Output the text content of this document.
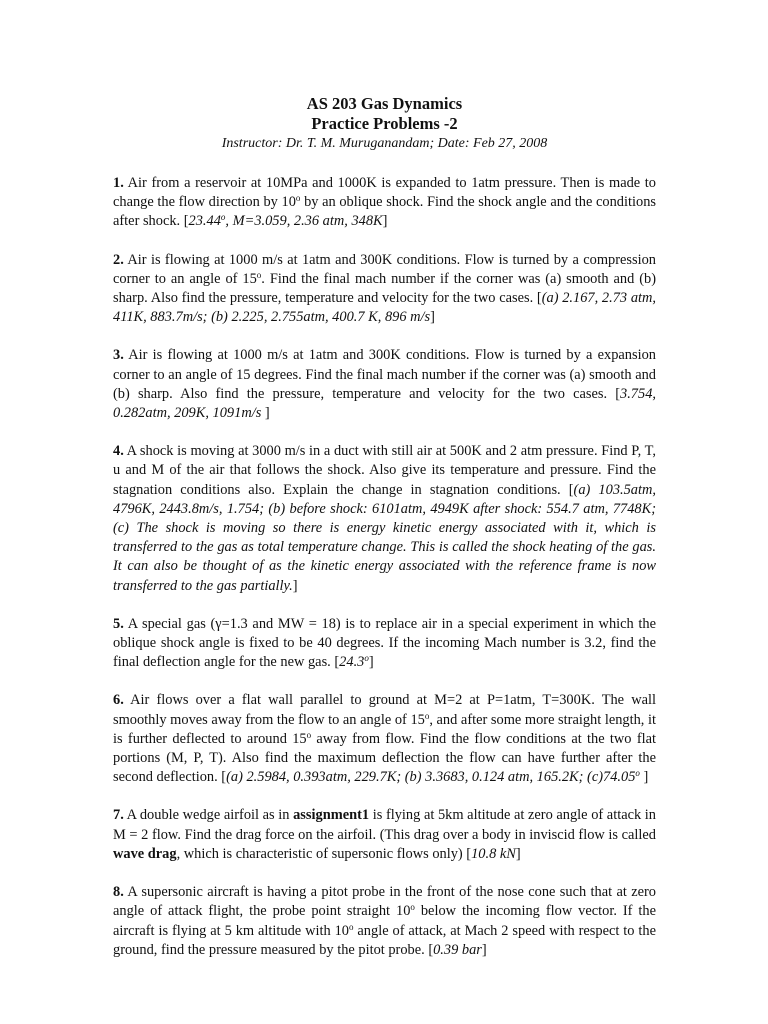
AS 203 Gas Dynamics
Practice Problems -2
Instructor: Dr. T. M. Muruganandam; Date: Feb 27, 2008

1. Air from a reservoir at 10MPa and 1000K is expanded to 1atm pressure. Then is made to change the flow direction by 10$^o$ by an oblique shock. Find the shock angle and the conditions after shock. [23.44$^o$, M=3.059, 2.36 atm, 348K]

2. Air is flowing at 1000 m/s at 1atm and 300K conditions. Flow is turned by a compression corner to an angle of 15$^o$. Find the final mach number if the corner was (a) smooth and (b) sharp. Also find the pressure, temperature and velocity for the two cases. [(a) 2.167, 2.73 atm, 411K, 883.7m/s; (b) 2.225, 2.755atm, 400.7 K, 896 m/s]

3. Air is flowing at 1000 m/s at 1atm and 300K conditions. Flow is turned by a expansion corner to an angle of 15 degrees. Find the final mach number if the corner was (a) smooth and (b) sharp. Also find the pressure, temperature and velocity for the two cases. [3.754, 0.282atm, 209K, 1091m/s ]

4. A shock is moving at 3000 m/s in a duct with still air at 500K and 2 atm pressure. Find P, T, u and M of the air that follows the shock. Also give its temperature and pressure. Find the stagnation conditions also. Explain the change in stagnation conditions. [(a) 103.5atm, 4796K, 2443.8m/s, 1.754; (b) before shock: 6101atm, 4949K after shock: 554.7 atm, 7748K; (c) The shock is moving so there is energy kinetic energy associated with it, which is transferred to the gas as total temperature change. This is called the shock heating of the gas. It can also be thought of as the kinetic energy associated with the reference frame is now transferred to the gas partially.]

5. A special gas (γ=1.3 and MW = 18) is to replace air in a special experiment in which the oblique shock angle is fixed to be 40 degrees. If the incoming Mach number is 3.2, find the final deflection angle for the new gas. [24.3$^o$]

6. Air flows over a flat wall parallel to ground at M=2 at P=1atm, T=300K. The wall smoothly moves away from the flow to an angle of 15$^o$, and after some more straight length, it is further deflected to around 15$^o$ away from flow. Find the flow conditions at the two flat portions (M, P, T). Also find the maximum deflection the flow can have further after the second deflection. [(a) 2.5984, 0.393atm, 229.7K; (b) 3.3683, 0.124 atm, 165.2K; (c)74.05$^o$ ]

7. A double wedge airfoil as in assignment1 is flying at 5km altitude at zero angle of attack in M = 2 flow. Find the drag force on the airfoil. (This drag over a body in inviscid flow is called wave drag, which is characteristic of supersonic flows only) [10.8 kN]

8. A supersonic aircraft is having a pitot probe in the front of the nose cone such that at zero angle of attack flight, the probe point straight 10$^o$ below the incoming flow vector. If the aircraft is flying at 5 km altitude with 10$^o$ angle of attack, at Mach 2 speed with respect to the ground, find the pressure measured by the pitot probe. [0.39 bar]
